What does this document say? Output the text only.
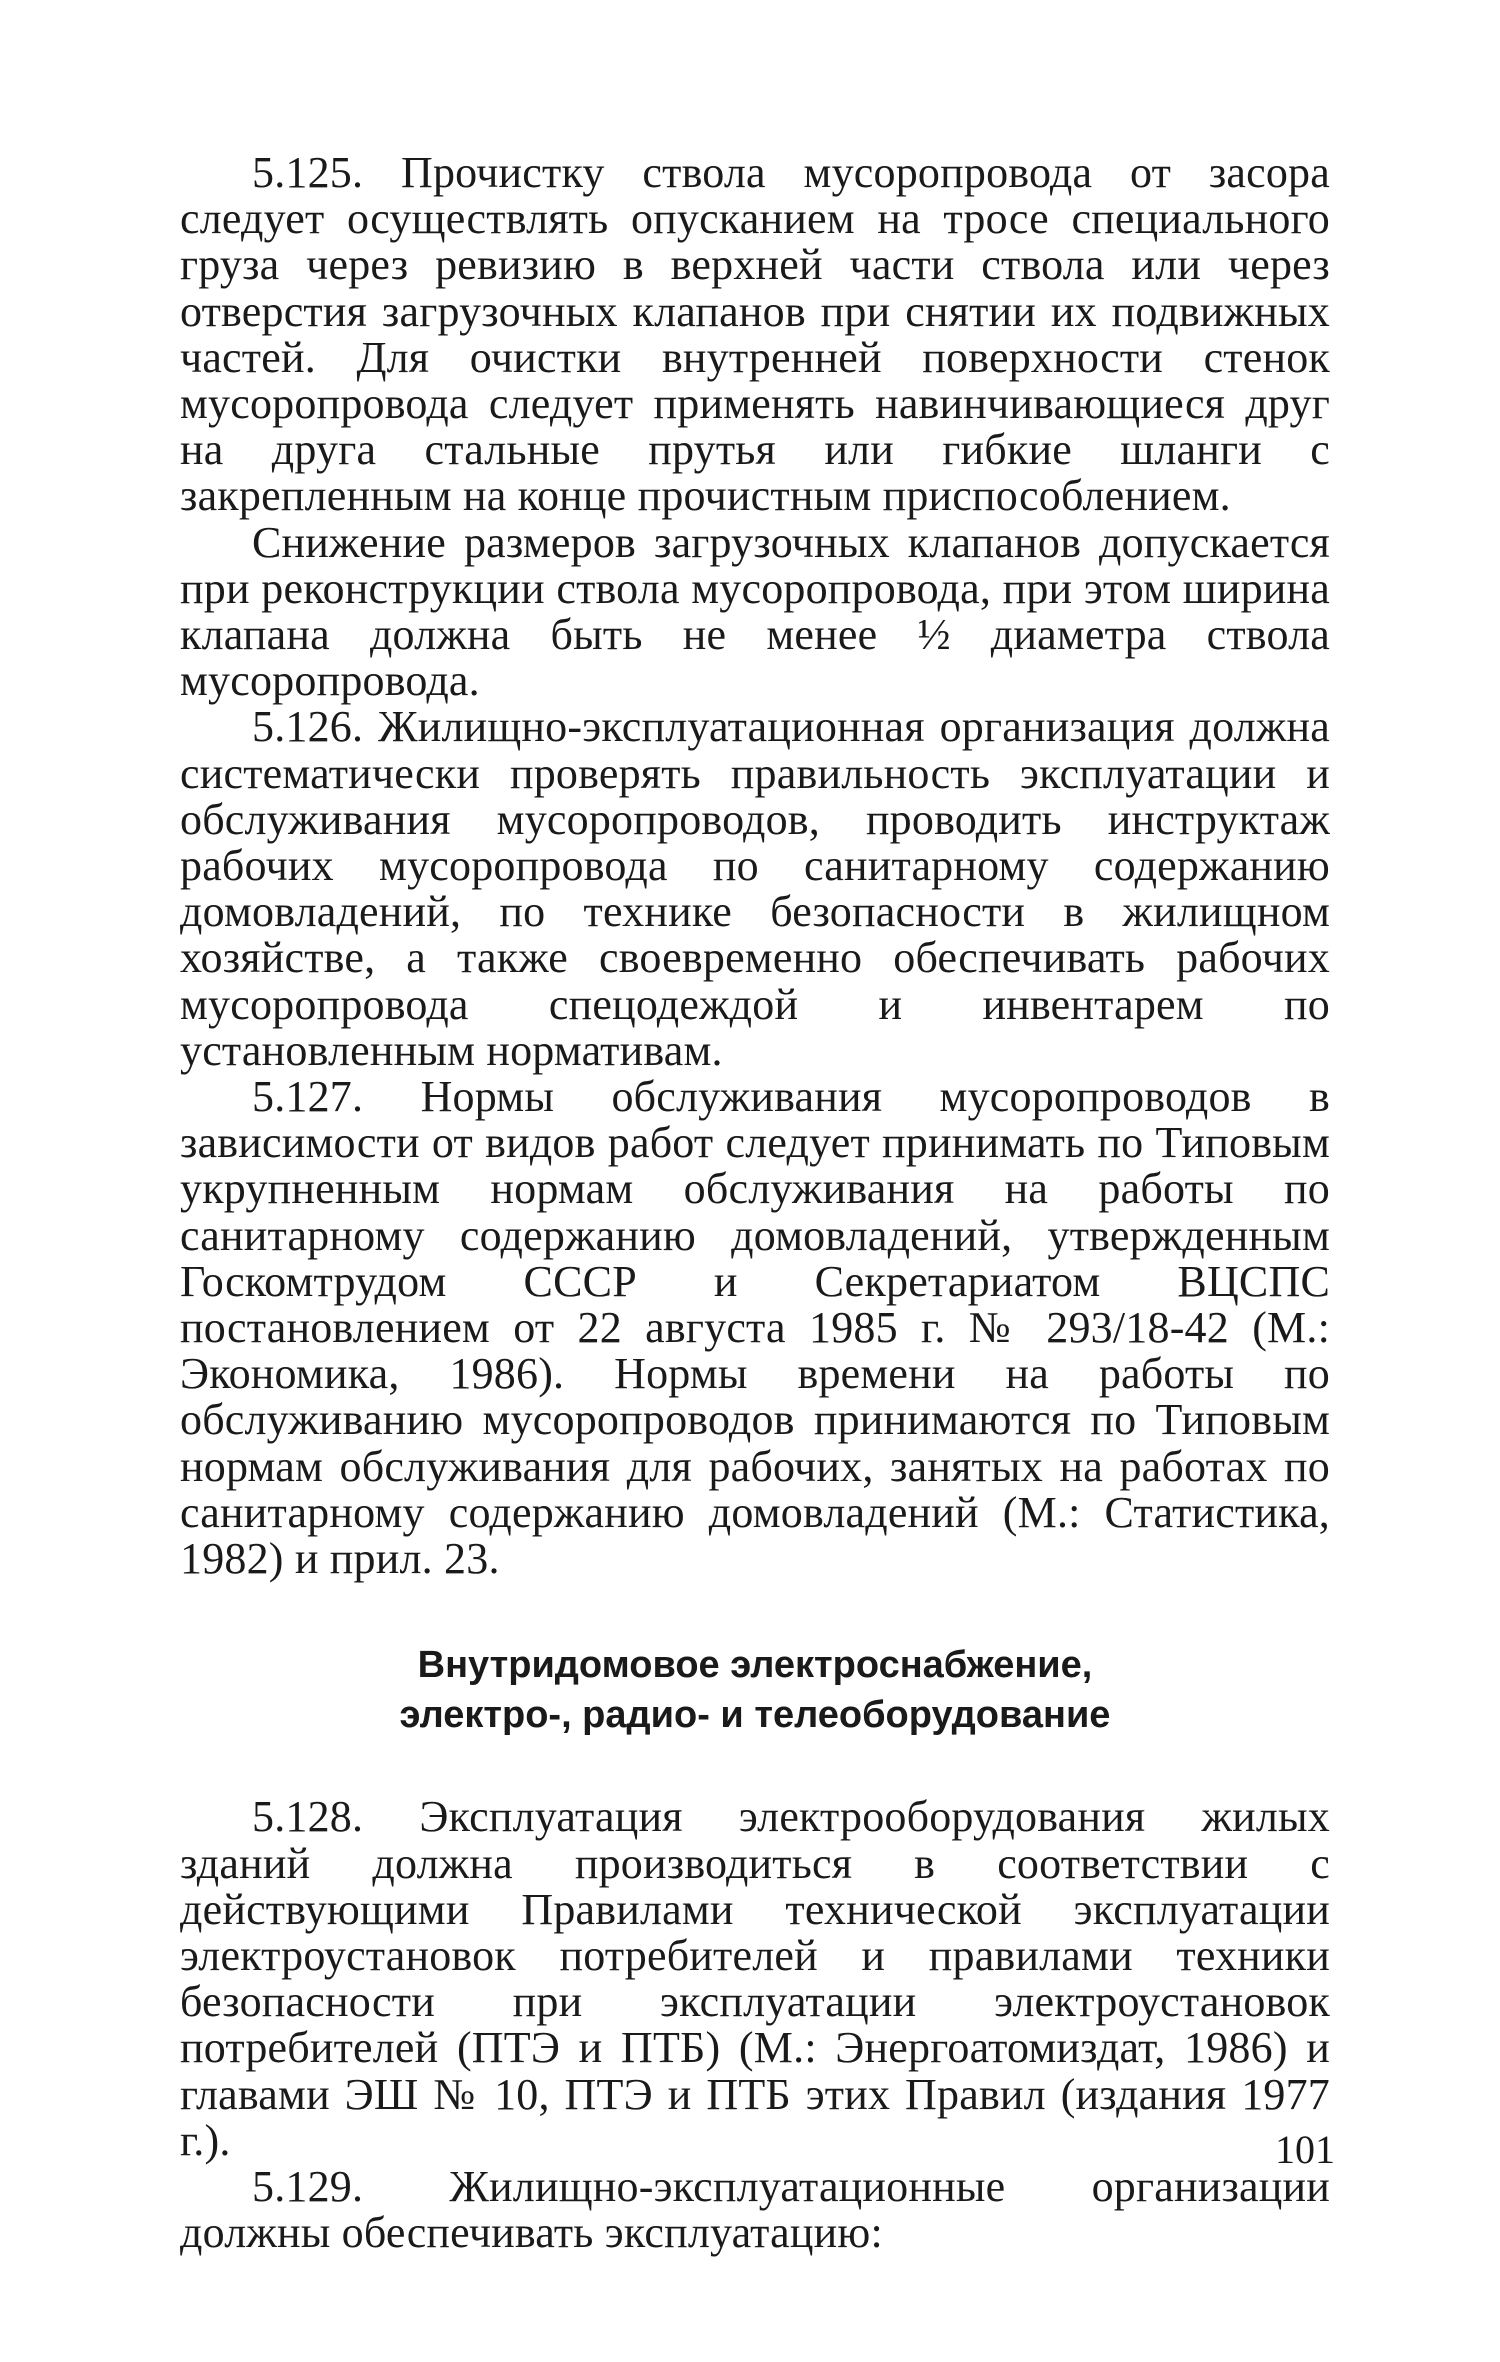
5.125. Прочистку ствола мусоропровода от засора следует осуществлять опусканием на тросе специального груза через ревизию в верхней части ствола или через отверстия загрузочных клапанов при снятии их подвижных частей. Для очистки внутренней поверхности стенок мусоропровода следует применять навинчивающиеся друг на друга стальные прутья или гибкие шланги с закрепленным на конце прочистным приспособлением.

Снижение размеров загрузочных клапанов допускается при реконструкции ствола мусоропровода, при этом ширина клапана должна быть не менее ½ диаметра ствола мусоропровода.

5.126. Жилищно-эксплуатационная организация должна систематически проверять правильность эксплуатации и обслуживания мусоропроводов, проводить инструктаж рабочих мусоропровода по санитарному содержанию домовладений, по технике безопасности в жилищном хозяйстве, а также своевременно обеспечивать рабочих мусоропровода спецодеждой и инвентарем по установленным нормативам.

5.127. Нормы обслуживания мусоропроводов в зависимости от видов работ следует принимать по Типовым укрупненным нормам обслуживания на работы по санитарному содержанию домовладений, утвержденным Госкомтрудом СССР и Секретариатом ВЦСПС постановлением от 22 августа 1985 г. № 293/18-42 (М.: Экономика, 1986). Нормы времени на работы по обслуживанию мусоропроводов принимаются по Типовым нормам обслуживания для рабочих, занятых на работах по санитарному содержанию домовладений (М.: Статистика, 1982) и прил. 23.

Внутридомовое электроснабжение,
электро-, радио- и телеоборудование

5.128. Эксплуатация электрооборудования жилых зданий должна производиться в соответствии с действующими Правилами технической эксплуатации электроустановок потребителей и правилами техники безопасности при эксплуатации электроустановок потребителей (ПТЭ и ПТБ) (М.: Энергоатомиздат, 1986) и главами ЭШ № 10, ПТЭ и ПТБ этих Правил (издания 1977 г.).

5.129. Жилищно-эксплуатационные организации должны обеспечивать эксплуатацию:

101
